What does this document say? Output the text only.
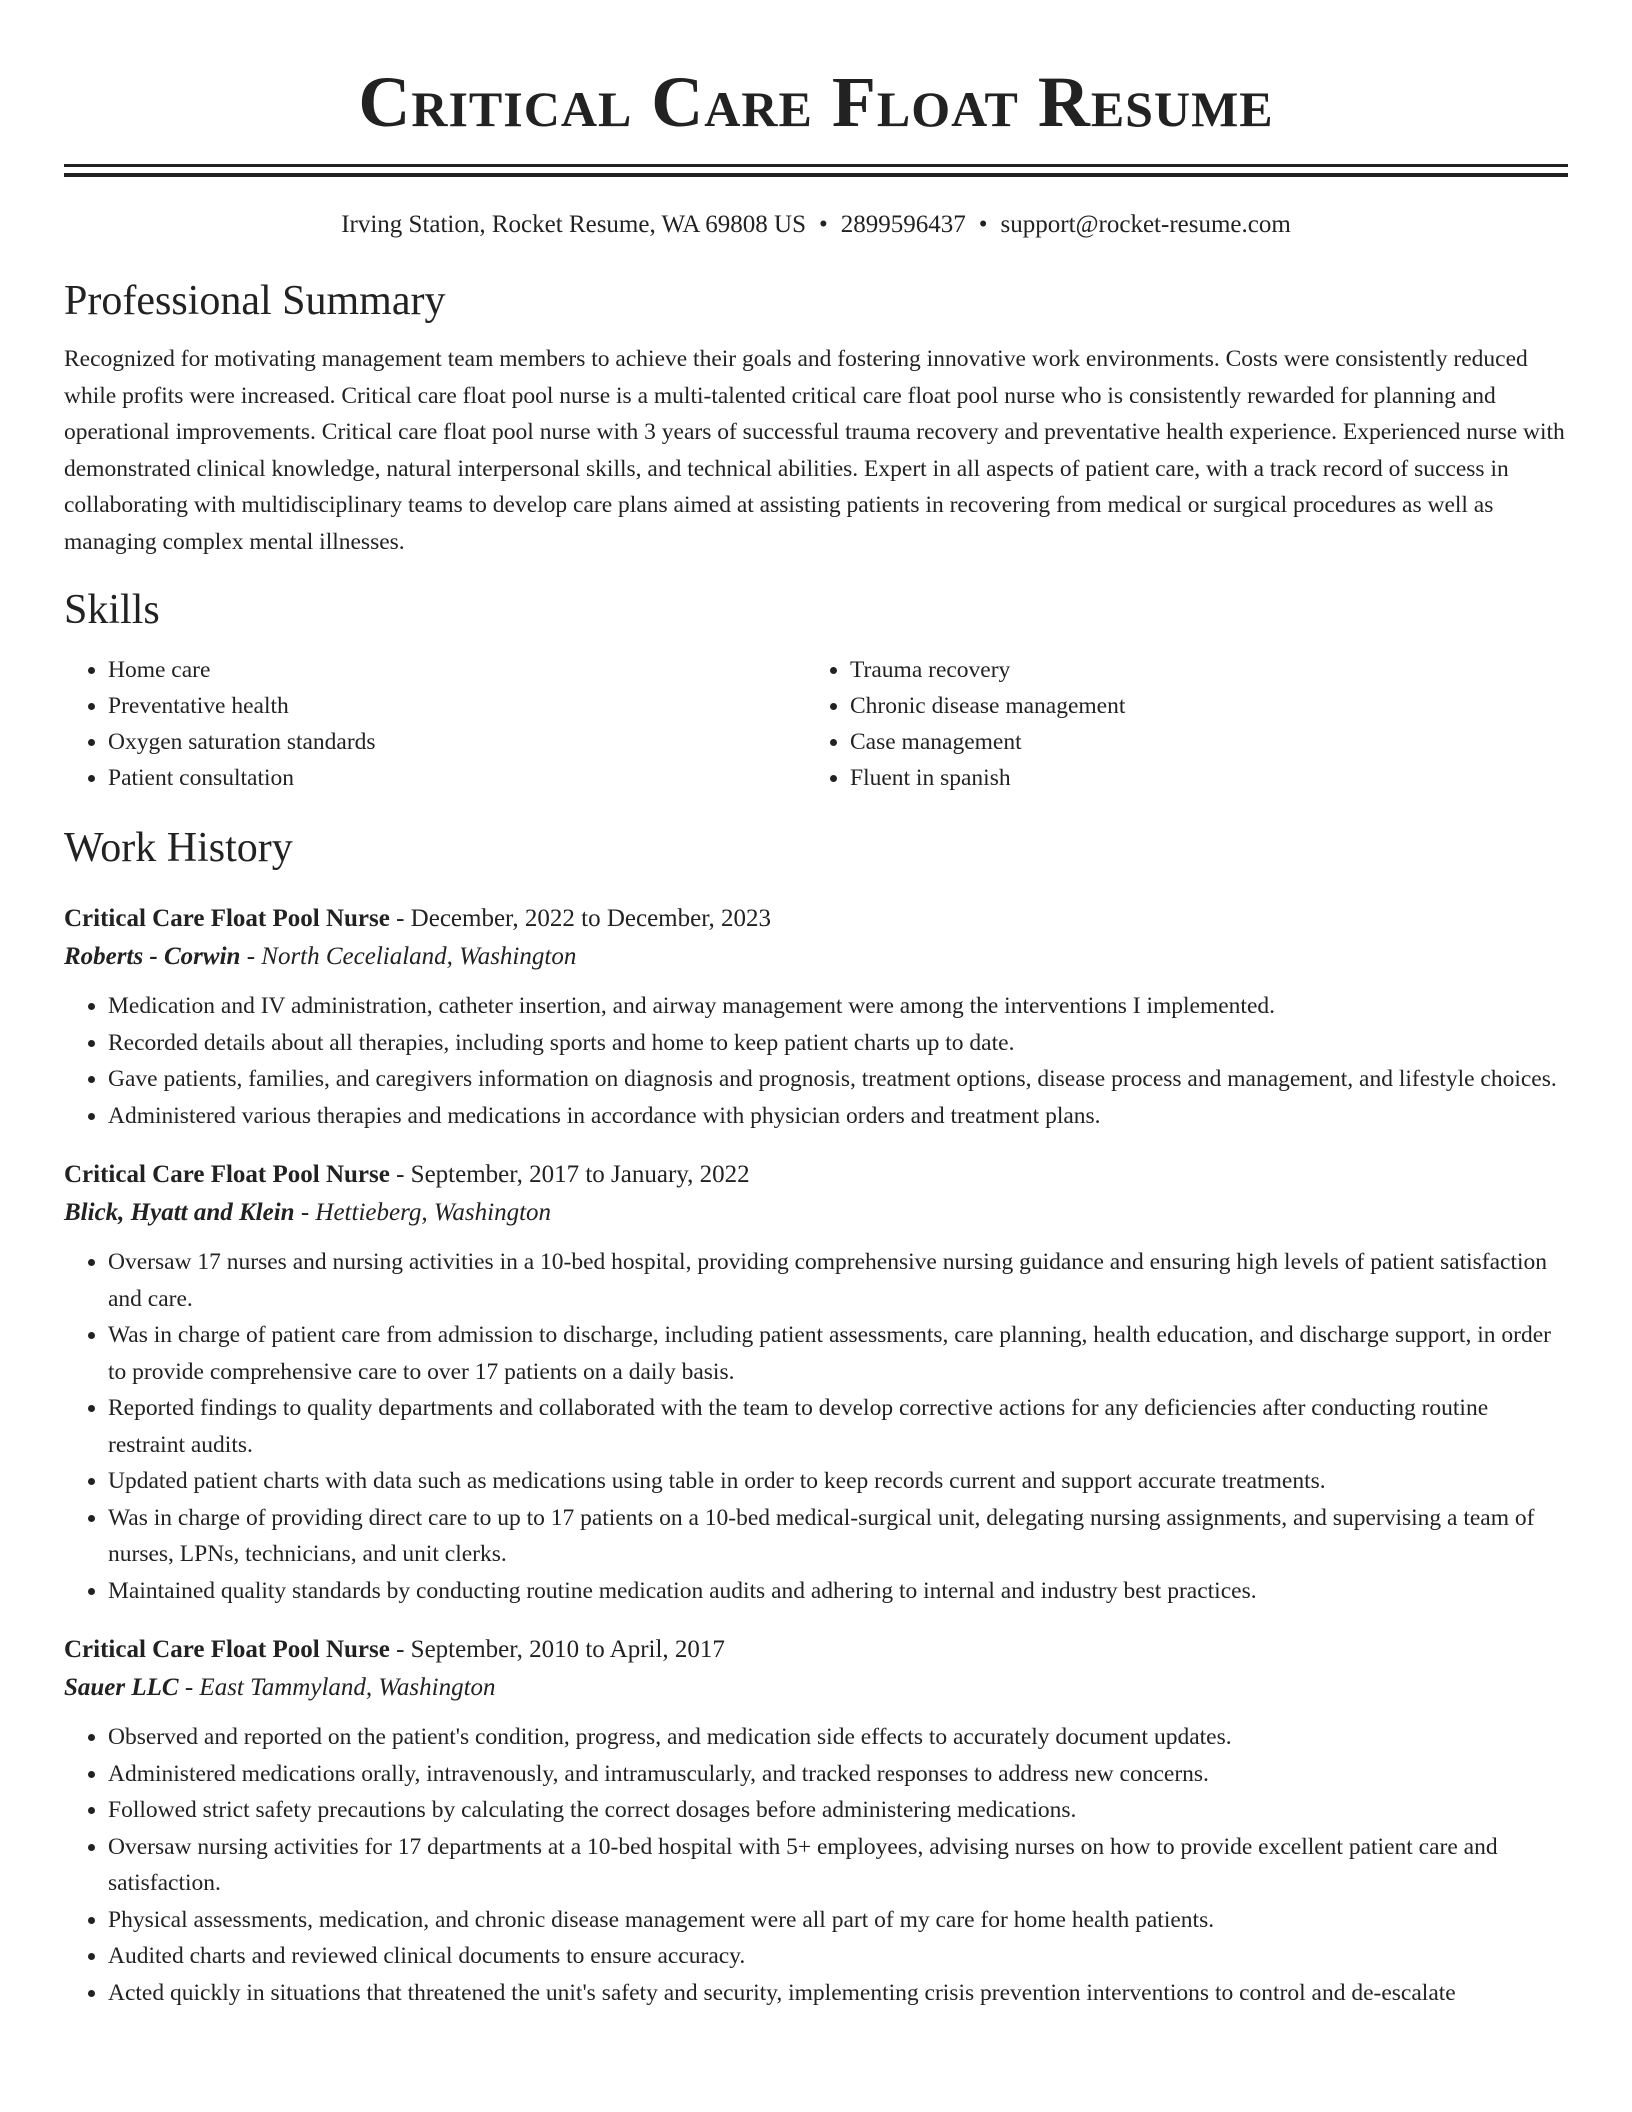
Critical Care Float Resume
Irving Station, Rocket Resume, WA 69808 US • 2899596437 • support@rocket-resume.com
Professional Summary

Recognized for motivating management team members to achieve their goals and fostering innovative work environments. Costs were consistently reduced while profits were increased. Critical care float pool nurse is a multi-talented critical care float pool nurse who is consistently rewarded for planning and operational improvements. Critical care float pool nurse with 3 years of successful trauma recovery and preventative health experience. Experienced nurse with demonstrated clinical knowledge, natural interpersonal skills, and technical abilities. Expert in all aspects of patient care, with a track record of success in collaborating with multidisciplinary teams to develop care plans aimed at assisting patients in recovering from medical or surgical procedures as well as managing complex mental illnesses.

Skills
• Home care
• Preventative health
• Oxygen saturation standards
• Patient consultation
• Trauma recovery
• Chronic disease management
• Case management
• Fluent in spanish
Work History
Critical Care Float Pool Nurse - December, 2022 to December, 2023
Roberts - Corwin - North Cecelialand, Washington
• Medication and IV administration, catheter insertion, and airway management were among the interventions I implemented.
• Recorded details about all therapies, including sports and home to keep patient charts up to date.
• Gave patients, families, and caregivers information on diagnosis and prognosis, treatment options, disease process and management, and lifestyle choices.
• Administered various therapies and medications in accordance with physician orders and treatment plans.
Critical Care Float Pool Nurse - September, 2017 to January, 2022
Blick, Hyatt and Klein - Hettieberg, Washington
• Oversaw 17 nurses and nursing activities in a 10-bed hospital, providing comprehensive nursing guidance and ensuring high levels of patient satisfaction and care.
• Was in charge of patient care from admission to discharge, including patient assessments, care planning, health education, and discharge support, in order to provide comprehensive care to over 17 patients on a daily basis.
• Reported findings to quality departments and collaborated with the team to develop corrective actions for any deficiencies after conducting routine restraint audits.
• Updated patient charts with data such as medications using table in order to keep records current and support accurate treatments.
• Was in charge of providing direct care to up to 17 patients on a 10-bed medical-surgical unit, delegating nursing assignments, and supervising a team of nurses, LPNs, technicians, and unit clerks.
• Maintained quality standards by conducting routine medication audits and adhering to internal and industry best practices.
Critical Care Float Pool Nurse - September, 2010 to April, 2017
Sauer LLC - East Tammyland, Washington
• Observed and reported on the patient's condition, progress, and medication side effects to accurately document updates.
• Administered medications orally, intravenously, and intramuscularly, and tracked responses to address new concerns.
• Followed strict safety precautions by calculating the correct dosages before administering medications.
• Oversaw nursing activities for 17 departments at a 10-bed hospital with 5+ employees, advising nurses on how to provide excellent patient care and satisfaction.
• Physical assessments, medication, and chronic disease management were all part of my care for home health patients.
• Audited charts and reviewed clinical documents to ensure accuracy.
• Acted quickly in situations that threatened the unit's safety and security, implementing crisis prevention interventions to control and de-escalate
